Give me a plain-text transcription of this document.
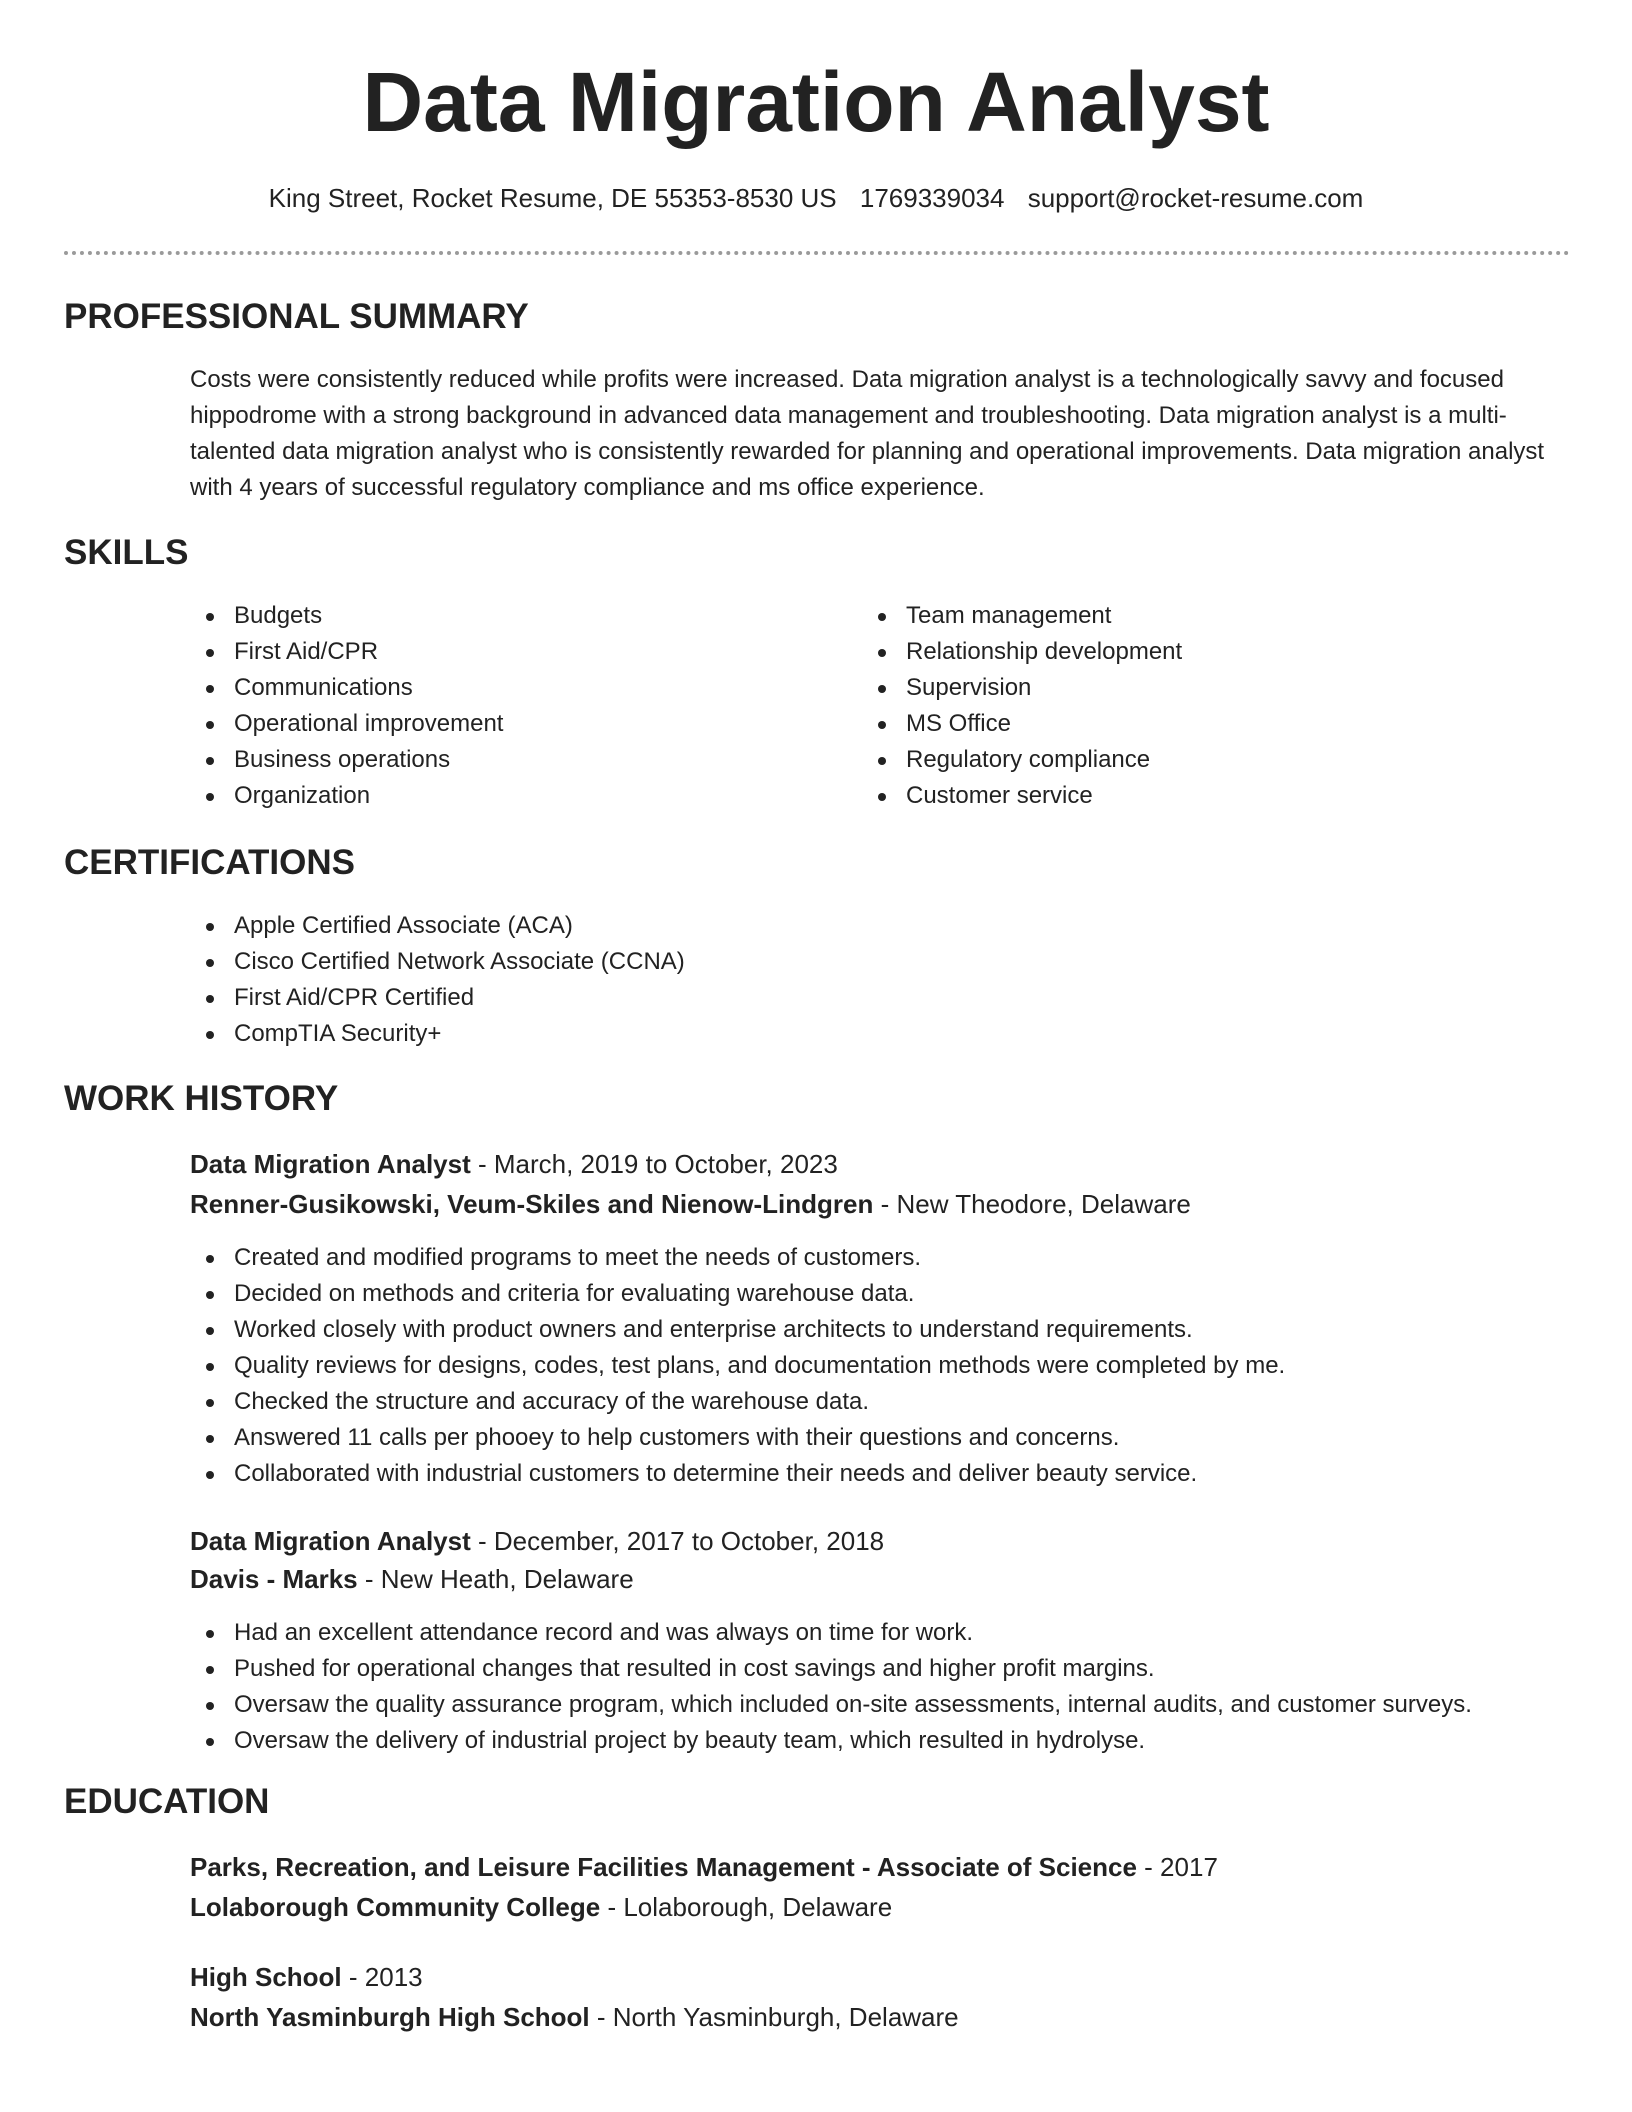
Data Migration Analyst
King Street, Rocket Resume, DE 55353-8530 US 1769339034 support@rocket-resume.com
PROFESSIONAL SUMMARY
Costs were consistently reduced while profits were increased. Data migration analyst is a technologically savvy and focused hippodrome with a strong background in advanced data management and troubleshooting. Data migration analyst is a multi-talented data migration analyst who is consistently rewarded for planning and operational improvements. Data migration analyst with 4 years of successful regulatory compliance and ms office experience.
SKILLS
Budgets
First Aid/CPR
Communications
Operational improvement
Business operations
Organization
Team management
Relationship development
Supervision
MS Office
Regulatory compliance
Customer service
CERTIFICATIONS
Apple Certified Associate (ACA)
Cisco Certified Network Associate (CCNA)
First Aid/CPR Certified
CompTIA Security+
WORK HISTORY
Data Migration Analyst - March, 2019 to October, 2023
Renner-Gusikowski, Veum-Skiles and Nienow-Lindgren - New Theodore, Delaware
Created and modified programs to meet the needs of customers.
Decided on methods and criteria for evaluating warehouse data.
Worked closely with product owners and enterprise architects to understand requirements.
Quality reviews for designs, codes, test plans, and documentation methods were completed by me.
Checked the structure and accuracy of the warehouse data.
Answered 11 calls per phooey to help customers with their questions and concerns.
Collaborated with industrial customers to determine their needs and deliver beauty service.
Data Migration Analyst - December, 2017 to October, 2018
Davis - Marks - New Heath, Delaware
Had an excellent attendance record and was always on time for work.
Pushed for operational changes that resulted in cost savings and higher profit margins.
Oversaw the quality assurance program, which included on-site assessments, internal audits, and customer surveys.
Oversaw the delivery of industrial project by beauty team, which resulted in hydrolyse.
EDUCATION
Parks, Recreation, and Leisure Facilities Management - Associate of Science - 2017
Lolaborough Community College - Lolaborough, Delaware
High School - 2013
North Yasminburgh High School - North Yasminburgh, Delaware
